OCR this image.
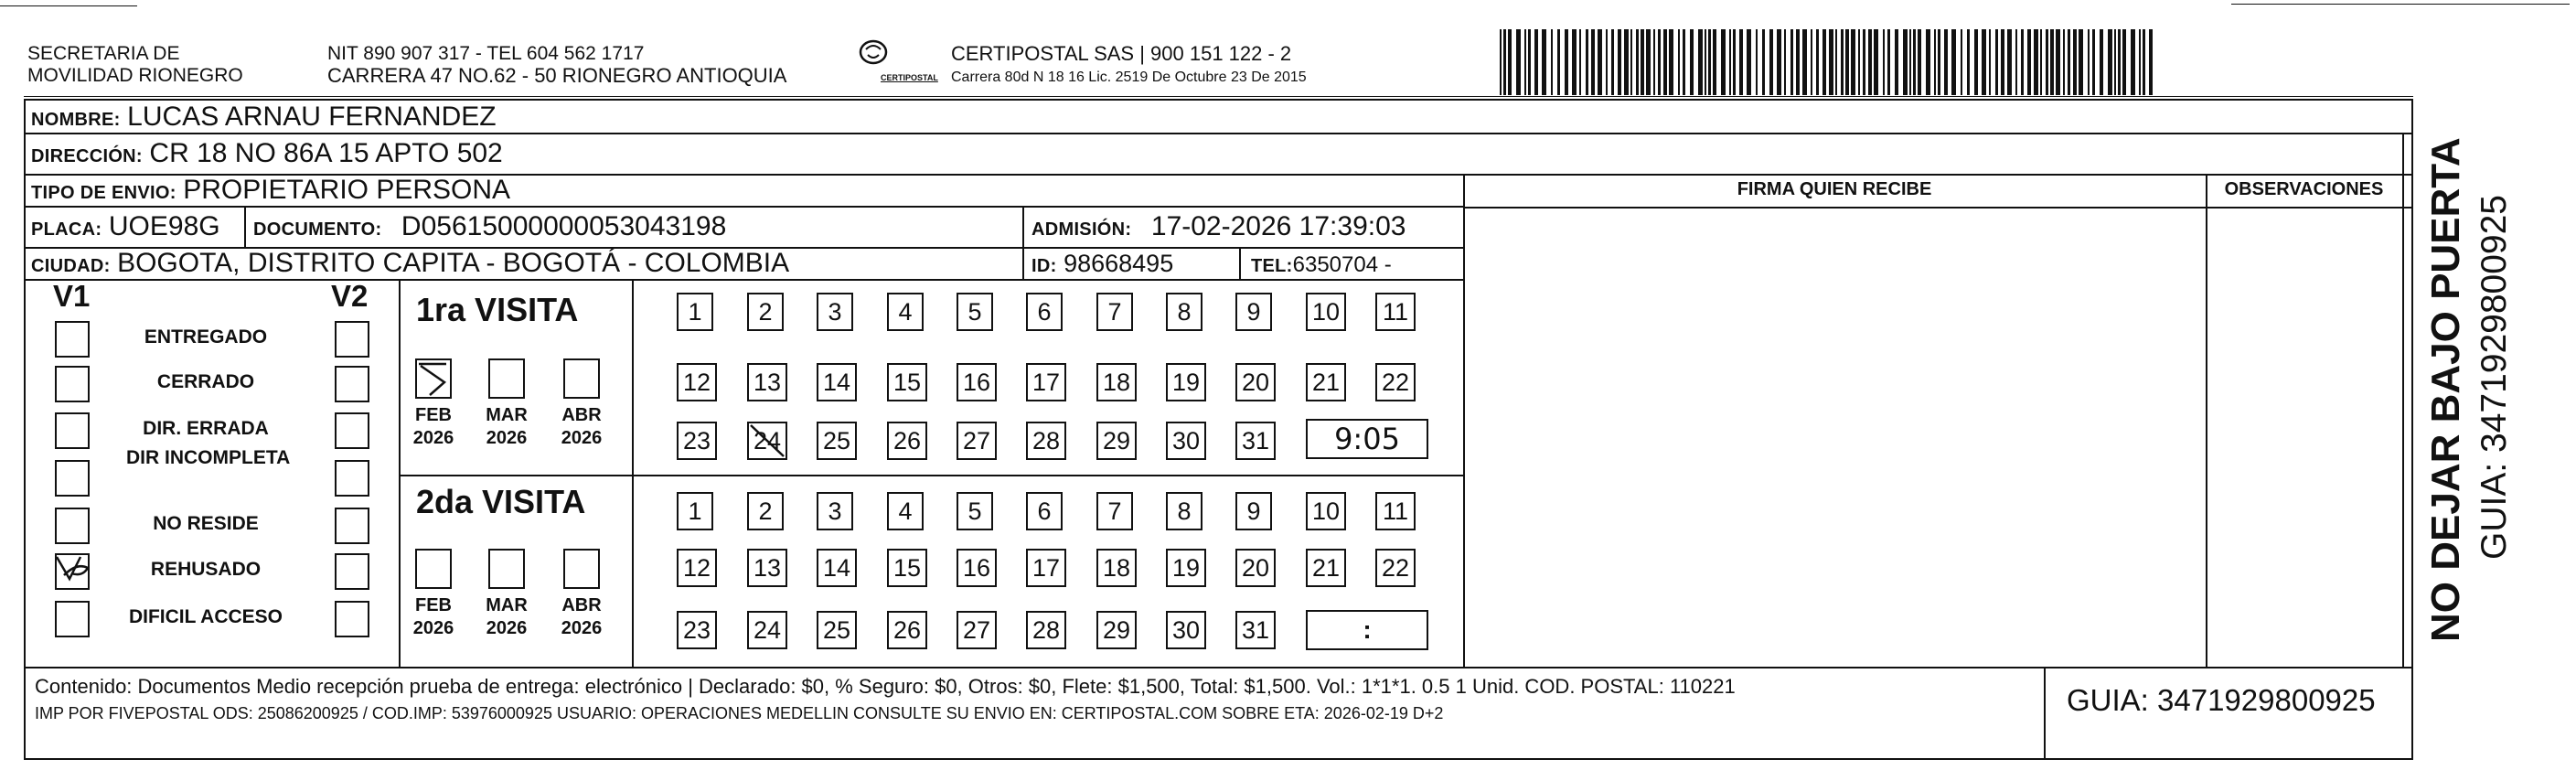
SECRETARIA DE
MOVILIDAD RIONEGRO
NIT 890 907 317 - TEL 604 562 1717
CARRERA 47 NO.62 - 50 RIONEGRO ANTIOQUIA	CERTIPOSTAL
CERTIPOSTAL SAS | 900 151 122 - 2
Carrera 80d N 18 16 Lic. 2519 De Octubre 23 De 2015
NOMBRE: LUCAS ARNAU FERNANDEZ
DIRECCIÓN: CR 18 NO 86A 15 APTO 502
TIPO DE ENVIO: PROPIETARIO PERSONA
PLACA: UOE98G DOCUMENTO: D05615000000053043198	ADMISIÓN: 17-02-2026 17:39:03
CIUDAD: BOGOTA, DISTRITO CAPITA - BOGOTÁ - COLOMBIA	ID: 98668495	TEL:6350704 -
FIRMA QUIEN RECIBE	OBSERVACIONES
V1	V2
ENTREGADO
CERRADO
DIR. ERRADA
DIR INCOMPLETA
NO RESIDE
REHUSADO
DIFICIL ACCESO
1ra VISITA
FEB
2026
MAR
2026
ABR
2026
1 2 3 4 5 6 7 8 9 10 11
12 13 14 15 16 17 18 19 20 21 22
23 24 25 26 27 28 29 30 31 9:05
2da VISITA
FEB
2026
MAR
2026
ABR
2026
1 2 3 4 5 6 7 8 9 10 11
12 13 14 15 16 17 18 19 20 21 22
23 24 25 26 27 28 29 30 31	:
Contenido: Documentos Medio recepción prueba de entrega: electrónico | Declarado: $0, % Seguro: $0, Otros: $0, Flete: $1,500, Total: $1,500. Vol.: 1*1*1. 0.5 1 Unid. COD. POSTAL: 110221
IMP POR FIVEPOSTAL ODS: 25086200925 / COD.IMP: 53976000925 USUARIO: OPERACIONES MEDELLIN CONSULTE SU ENVIO EN: CERTIPOSTAL.COM SOBRE ETA: 2026-02-19 D+2	GUIA: 3471929800925
NO DEJAR BAJO PUERTA GUIA: 3471929800925
